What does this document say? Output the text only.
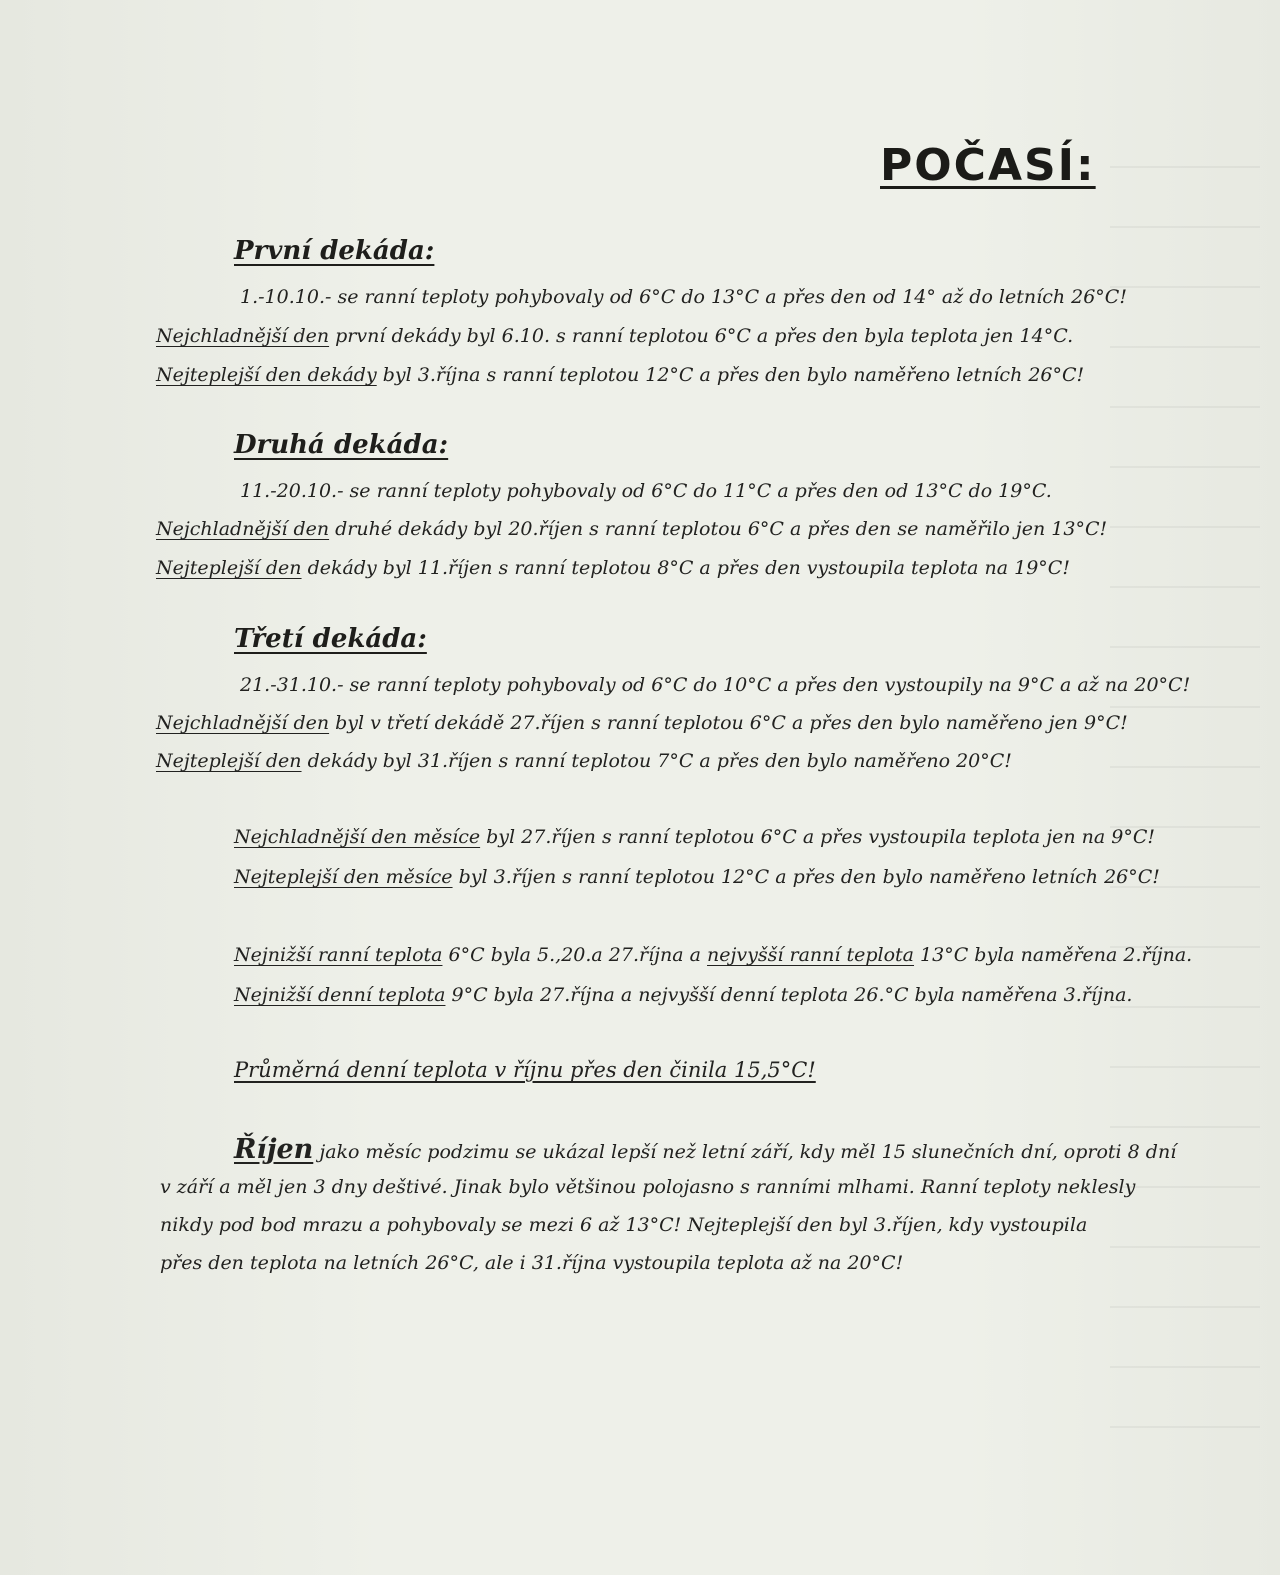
POČASÍ:
První dekáda:
1.-10.10.- se ranní teploty pohybovaly od 6°C do 13°C a přes den od 14° až do letních 26°C!
Nejchladnější den první dekády byl 6.10. s ranní teplotou 6°C a přes den byla teplota jen 14°C.
Nejteplejší den dekády byl 3.října s ranní teplotou 12°C a přes den bylo naměřeno letních 26°C!
Druhá dekáda:
11.-20.10.- se ranní teploty pohybovaly od 6°C do 11°C a přes den od 13°C do 19°C.
Nejchladnější den druhé dekády byl 20.říjen s ranní teplotou 6°C a přes den se naměřilo jen 13°C!
Nejteplejší den dekády byl 11.říjen s ranní teplotou 8°C a přes den vystoupila teplota na 19°C!
Třetí dekáda:
21.-31.10.- se ranní teploty pohybovaly od 6°C do 10°C a přes den vystoupily na 9°C a až na 20°C!
Nejchladnější den byl v třetí dekádě 27.říjen s ranní teplotou 6°C a přes den bylo naměřeno jen 9°C!
Nejteplejší den dekády byl 31.říjen s ranní teplotou 7°C a přes den bylo naměřeno 20°C!
Nejchladnější den měsíce byl 27.říjen s ranní teplotou 6°C a přes vystoupila teplota jen na 9°C!
Nejteplejší den měsíce byl 3.říjen s ranní teplotou 12°C a přes den bylo naměřeno letních 26°C!
Nejnižší ranní teplota 6°C byla 5.,20.a 27.října a nejvyšší ranní teplota 13°C byla naměřena 2.října.
Nejnižší denní teplota 9°C byla 27.října a nejvyšší denní teplota 26.°C byla naměřena 3.října.
Průměrná denní teplota v říjnu přes den činila 15,5°C!
Říjen jako měsíc podzimu se ukázal lepší než letní září, kdy měl 15 slunečních dní, oproti 8 dní
v září a měl jen 3 dny deštivé. Jinak bylo většinou polojasno s ranními mlhami. Ranní teploty neklesly
nikdy pod bod mrazu a pohybovaly se mezi 6 až 13°C! Nejteplejší den byl 3.říjen, kdy vystoupila
přes den teplota na letních 26°C, ale i 31.října vystoupila teplota až na 20°C!
